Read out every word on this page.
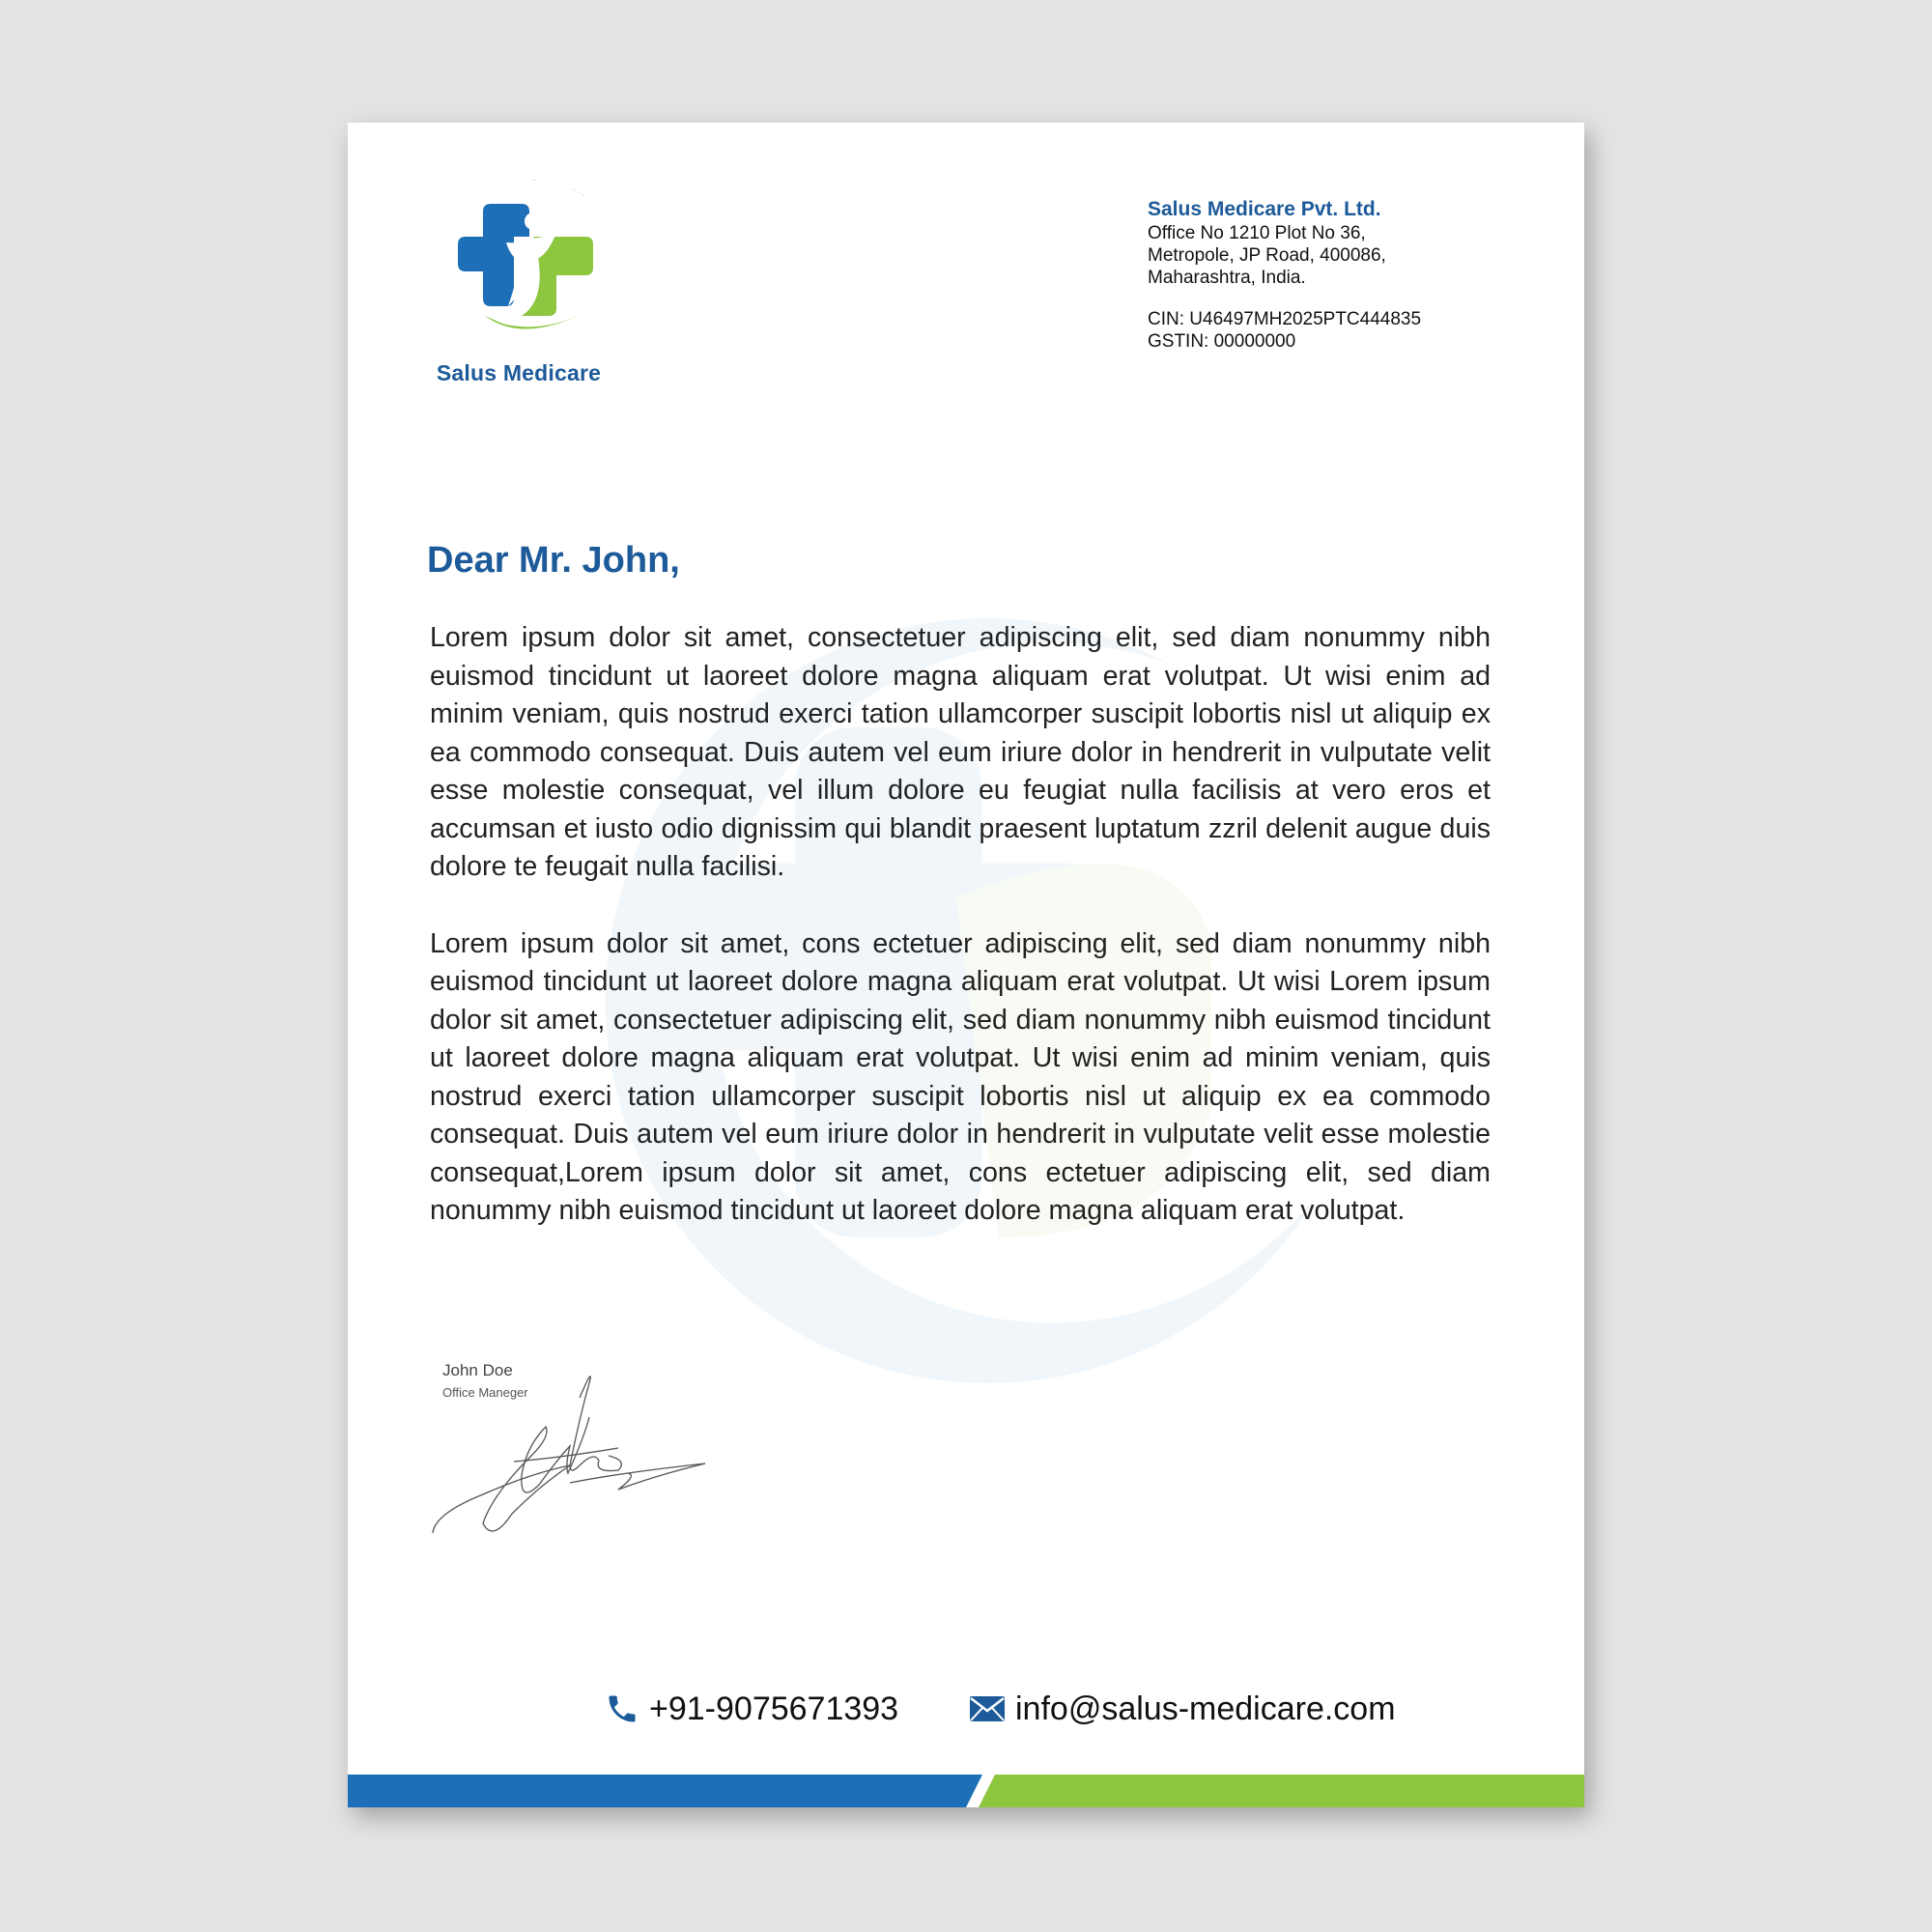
Salus Medicare
Salus Medicare Pvt. Ltd.
Office No 1210 Plot No 36,
Metropole, JP Road, 400086,
Maharashtra, India.
CIN: U46497MH2025PTC444835
GSTIN: 00000000
Dear Mr. John,

Lorem ipsum dolor sit amet, consectetuer adipiscing elit, sed diam nonummy nibh euismod tincidunt ut laoreet dolore magna aliquam erat volutpat. Ut wisi enim ad minim veniam, quis nostrud exerci tation ullamcorper suscipit lobortis nisl ut aliquip ex ea commodo consequat. Duis autem vel eum iriure dolor in hendrerit in vulputate velit esse molestie consequat, vel illum dolore eu feugiat nulla facilisis at vero eros et accumsan et iusto odio dignissim qui blandit praesent luptatum zzril delenit augue duis dolore te feugait nulla facilisi.

Lorem ipsum dolor sit amet, cons ectetuer adipiscing elit, sed diam nonummy nibh euismod tincidunt ut laoreet dolore magna aliquam erat volutpat. Ut wisi Lorem ipsum dolor sit amet, consectetuer adipiscing elit, sed diam nonummy nibh euismod tincidunt ut laoreet dolore magna aliquam erat volutpat. Ut wisi enim ad minim veniam, quis nostrud exerci tation ullamcorper suscipit lobortis nisl ut aliquip ex ea commodo consequat. Duis autem vel eum iriure dolor in hendrerit in vulputate velit esse molestie consequat,Lorem ipsum dolor sit amet, cons ectetuer adipiscing elit, sed diam nonummy nibh euismod tincidunt ut laoreet dolore magna aliquam erat volutpat.

John Doe
Office Maneger
+91-9075671393	info@salus-medicare.com
